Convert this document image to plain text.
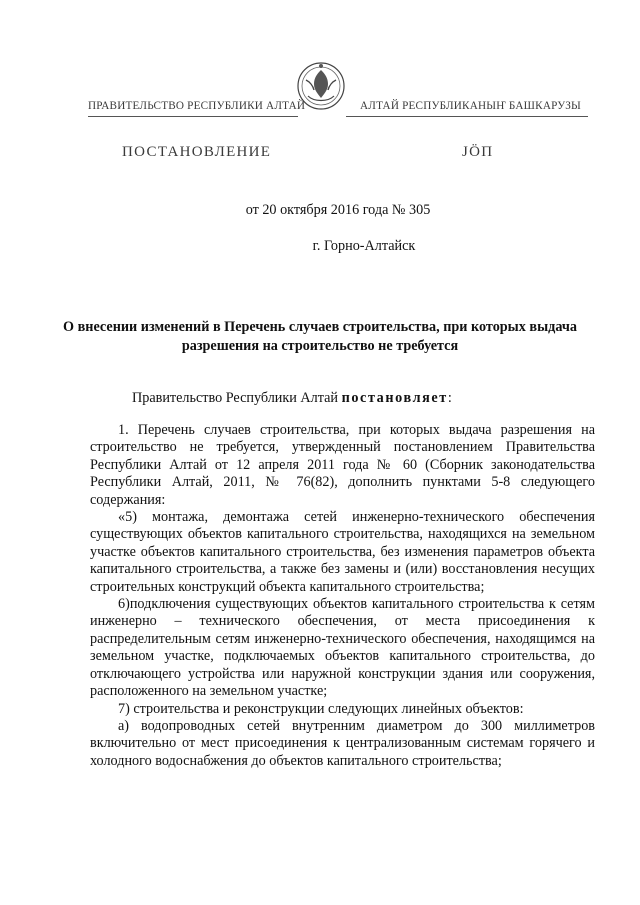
ПРАВИТЕЛЬСТВО РЕСПУБЛИКИ АЛТАЙ	АЛТАЙ РЕСПУБЛИКАНЫҤ БАШКАРУЗЫ
ПОСТАНОВЛЕНИЕ	ЈӦП
от 20 октября 2016 года № 305
г. Горно-Алтайск
О внесении изменений в Перечень случаев строительства, при которых выдача разрешения на строительство не требуется
Правительство Республики Алтай постановляет:

1. Перечень случаев строительства, при которых выдача разрешения на строительство не требуется, утвержденный постановлением Правительства Республики Алтай от 12 апреля 2011 года № 60 (Сборник законодательства Республики Алтай, 2011, № 76(82), дополнить пунктами 5-8 следующего содержания:

«5) монтажа, демонтажа сетей инженерно-технического обеспечения существующих объектов капитального строительства, находящихся на земельном участке объектов капитального строительства, без изменения параметров объекта капитального строительства, а также без замены и (или) восстановления несущих строительных конструкций объекта капитального строительства;

6)подключения существующих объектов капитального строительства к сетям инженерно – технического обеспечения, от места присоединения к распределительным сетям инженерно-технического обеспечения, находящимся на земельном участке, подключаемых объектов капитального строительства, до отключающего устройства или наружной конструкции здания или сооружения, расположенного на земельном участке;

7) строительства и реконструкции следующих линейных объектов:

а) водопроводных сетей внутренним диаметром до 300 миллиметров включительно от мест присоединения к централизованным системам горячего и холодного водоснабжения до объектов капитального строительства;
